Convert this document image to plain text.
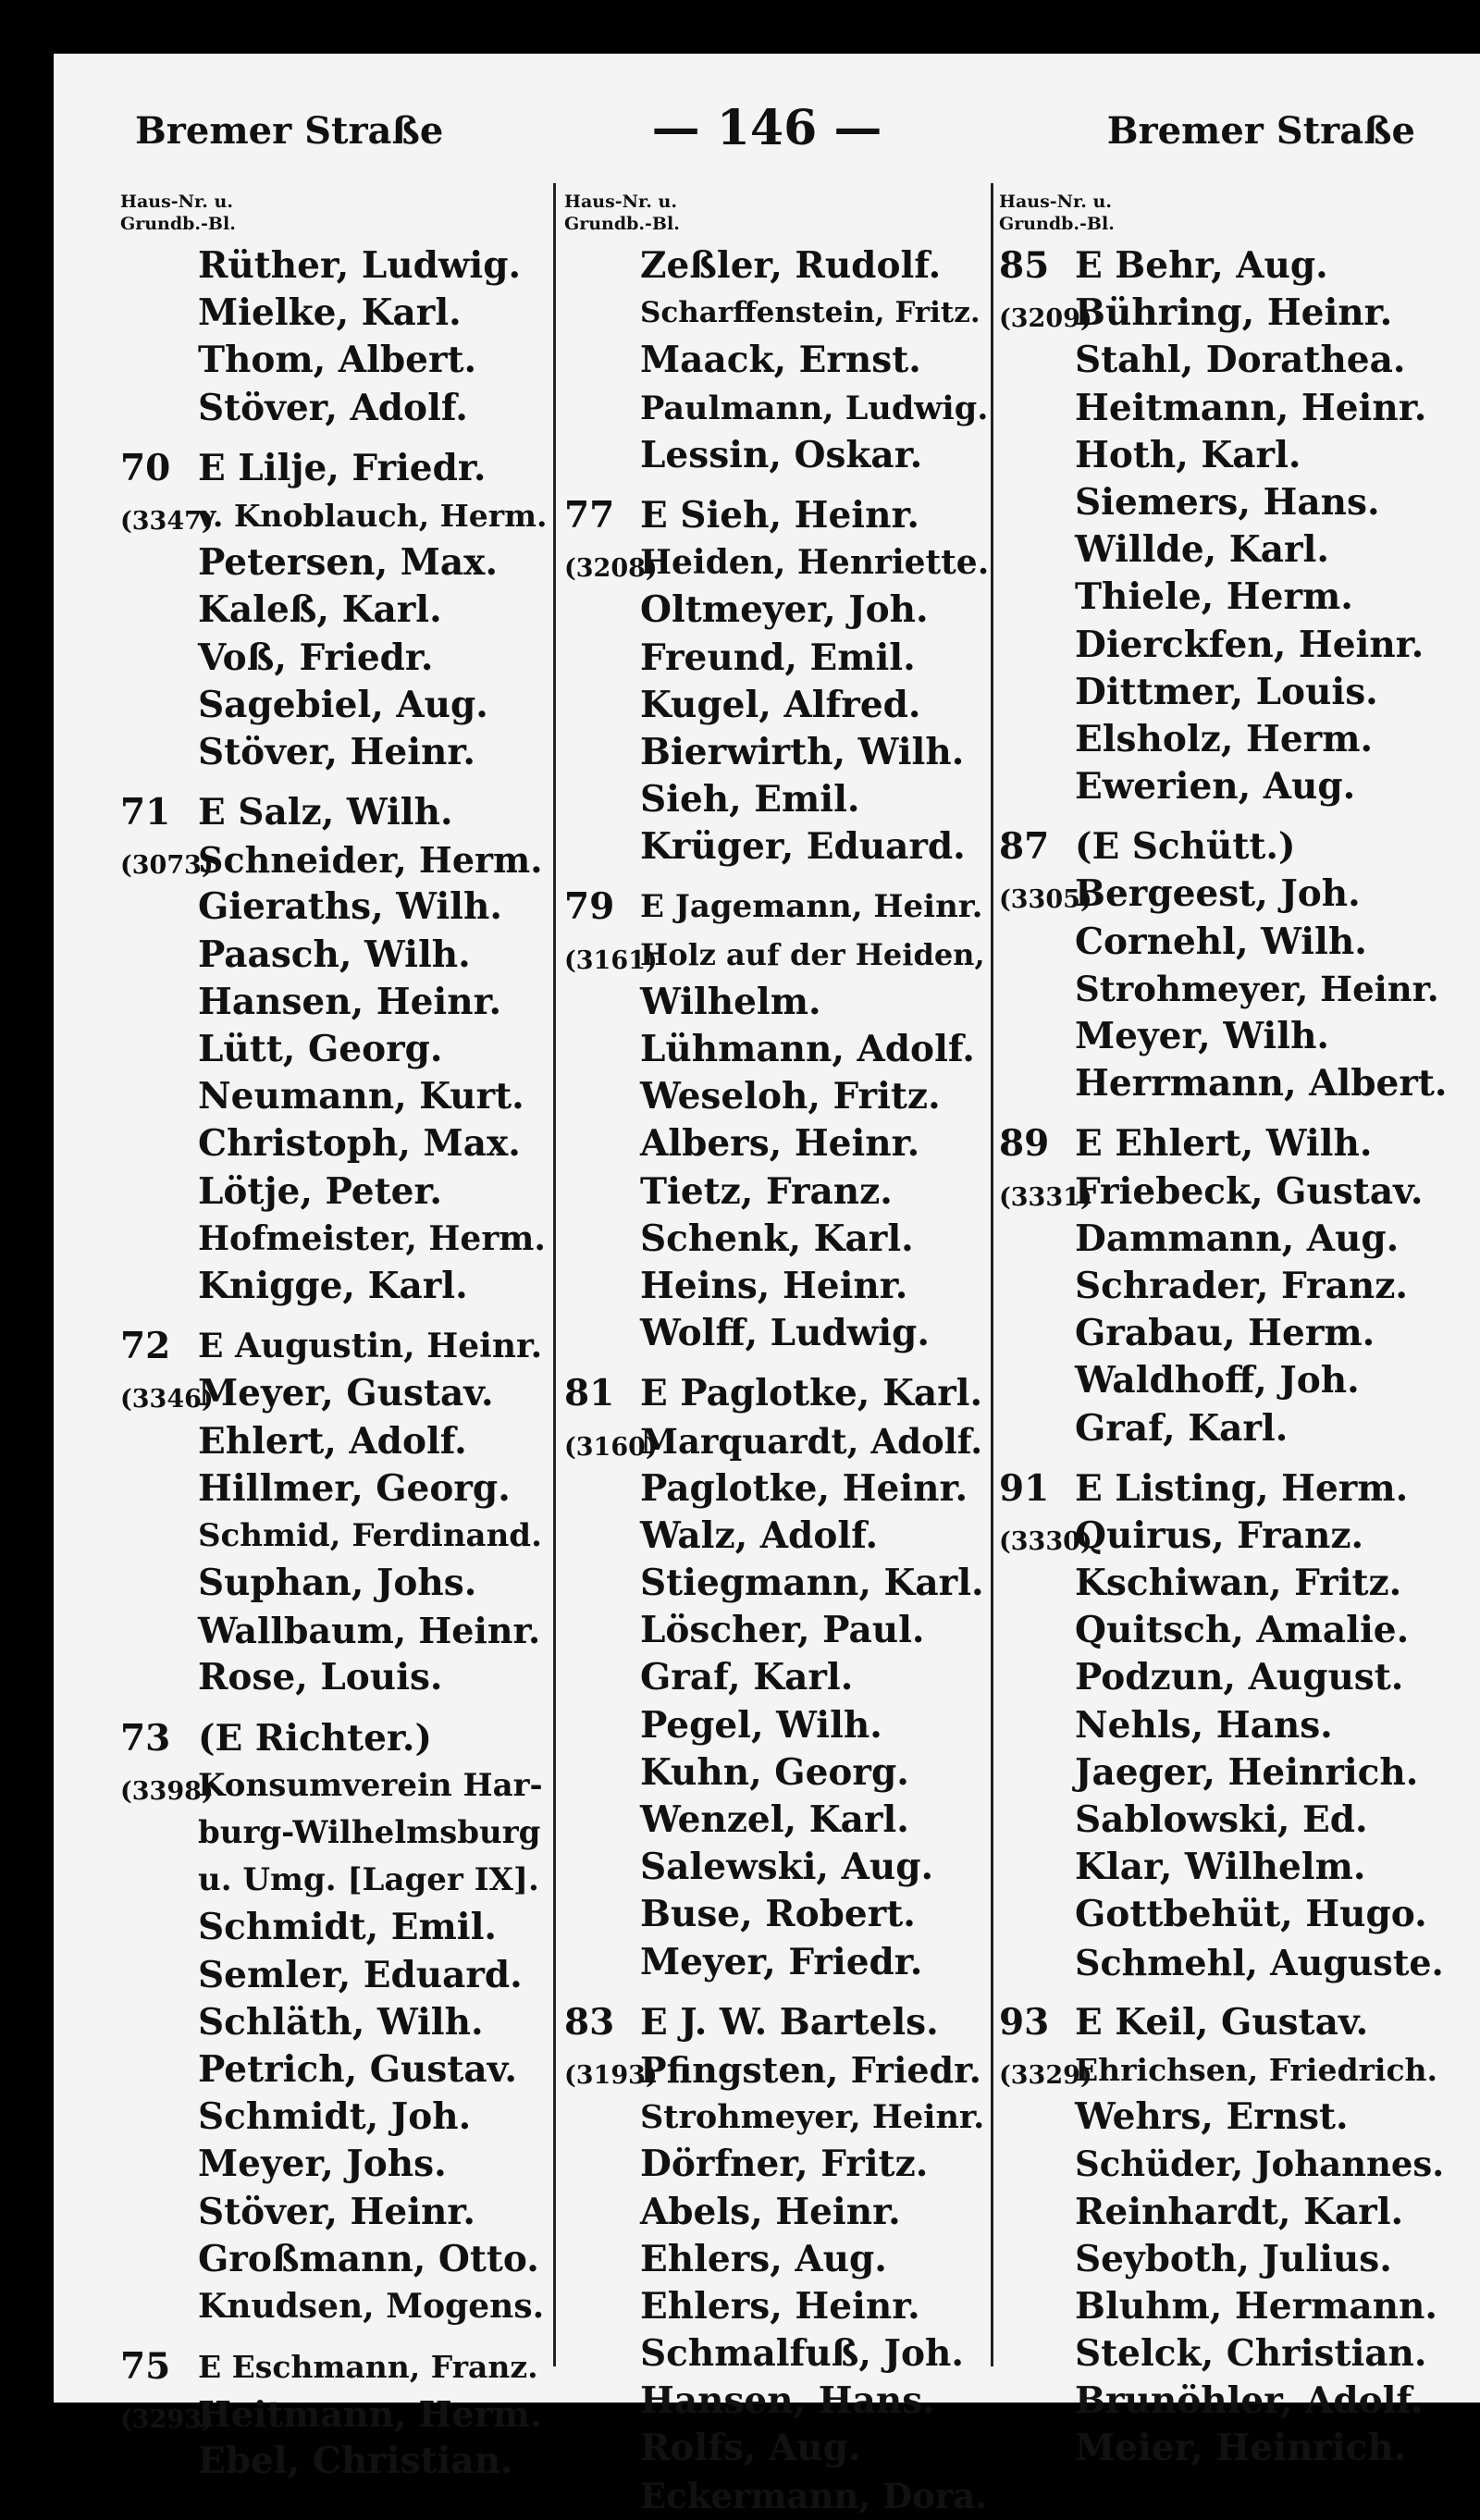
Bremer Straße	— 146 —	Bremer Straße
Haus-Nr. u.
Grundb.-Bl.
Rüther, Ludwig.
Mielke, Karl.
Thom, Albert.
Stöver, Adolf.
70 E Lilje, Friedr.
(3347)
v. Knoblauch, Herm.
Petersen, Max.
Kaleß, Karl.
Voß, Friedr.
Sagebiel, Aug.
Stöver, Heinr.
71 E Salz, Wilh.
(3073)
Schneider, Herm.
Gieraths, Wilh.
Paasch, Wilh.
Hansen, Heinr.
Lütt, Georg.
Neumann, Kurt.
Christoph, Max.
Lötje, Peter.
Hofmeister, Herm.
Knigge, Karl.
72 E Augustin, Heinr.
(3346)
Meyer, Gustav.
Ehlert, Adolf.
Hillmer, Georg.
Schmid, Ferdinand.
Suphan, Johs.
Wallbaum, Heinr.
Rose, Louis.
73 (E Richter.)
(3398)
Konsumverein Har-
burg-Wilhelmsburg
u. Umg. [Lager IX].
Schmidt, Emil.
Semler, Eduard.
Schläth, Wilh.
Petrich, Gustav.
Schmidt, Joh.
Meyer, Johs.
Stöver, Heinr.
Großmann, Otto.
Knudsen, Mogens.
75 E Eschmann, Franz.
(3293)
Heitmann, Herm.
Ebel, Christian.
Haus-Nr. u.
Grundb.-Bl.
Zeßler, Rudolf.
Scharffenstein, Fritz.
Maack, Ernst.
Paulmann, Ludwig.
Lessin, Oskar.
77 E Sieh, Heinr.
(3208)
Heiden, Henriette.
Oltmeyer, Joh.
Freund, Emil.
Kugel, Alfred.
Bierwirth, Wilh.
Sieh, Emil.
Krüger, Eduard.
79 E Jagemann, Heinr.
(3161)
Holz auf der Heiden,
Wilhelm.
Lühmann, Adolf.
Weseloh, Fritz.
Albers, Heinr.
Tietz, Franz.
Schenk, Karl.
Heins, Heinr.
Wolff, Ludwig.
81 E Paglotke, Karl.
(3160)
Marquardt, Adolf.
Paglotke, Heinr.
Walz, Adolf.
Stiegmann, Karl.
Löscher, Paul.
Graf, Karl.
Pegel, Wilh.
Kuhn, Georg.
Wenzel, Karl.
Salewski, Aug.
Buse, Robert.
Meyer, Friedr.
83 E J. W. Bartels.
(3193)
Pfingsten, Friedr.
Strohmeyer, Heinr.
Dörfner, Fritz.
Abels, Heinr.
Ehlers, Aug.
Ehlers, Heinr.
Schmalfuß, Joh.
Hansen, Hans.
Rolfs, Aug.
Eckermann, Dora.
Haus-Nr. u.
Grundb.-Bl.
85 E Behr, Aug.
(3209)
Bühring, Heinr.
Stahl, Dorathea.
Heitmann, Heinr.
Hoth, Karl.
Siemers, Hans.
Willde, Karl.
Thiele, Herm.
Dierckfen, Heinr.
Dittmer, Louis.
Elsholz, Herm.
Ewerien, Aug.
87 (E Schütt.)
(3305)
Bergeest, Joh.
Cornehl, Wilh.
Strohmeyer, Heinr.
Meyer, Wilh.
Herrmann, Albert.
89 E Ehlert, Wilh.
(3331)
Friebeck, Gustav.
Dammann, Aug.
Schrader, Franz.
Grabau, Herm.
Waldhoff, Joh.
Graf, Karl.
91 E Listing, Herm.
(3330)
Quirus, Franz.
Kschiwan, Fritz.
Quitsch, Amalie.
Podzun, August.
Nehls, Hans.
Jaeger, Heinrich.
Sablowski, Ed.
Klar, Wilhelm.
Gottbehüt, Hugo.
Schmehl, Auguste.
93 E Keil, Gustav.
(3329)
Ehrichsen, Friedrich.
Wehrs, Ernst.
Schüder, Johannes.
Reinhardt, Karl.
Seyboth, Julius.
Bluhm, Hermann.
Stelck, Christian.
Brunöhler, Adolf.
Meier, Heinrich.
